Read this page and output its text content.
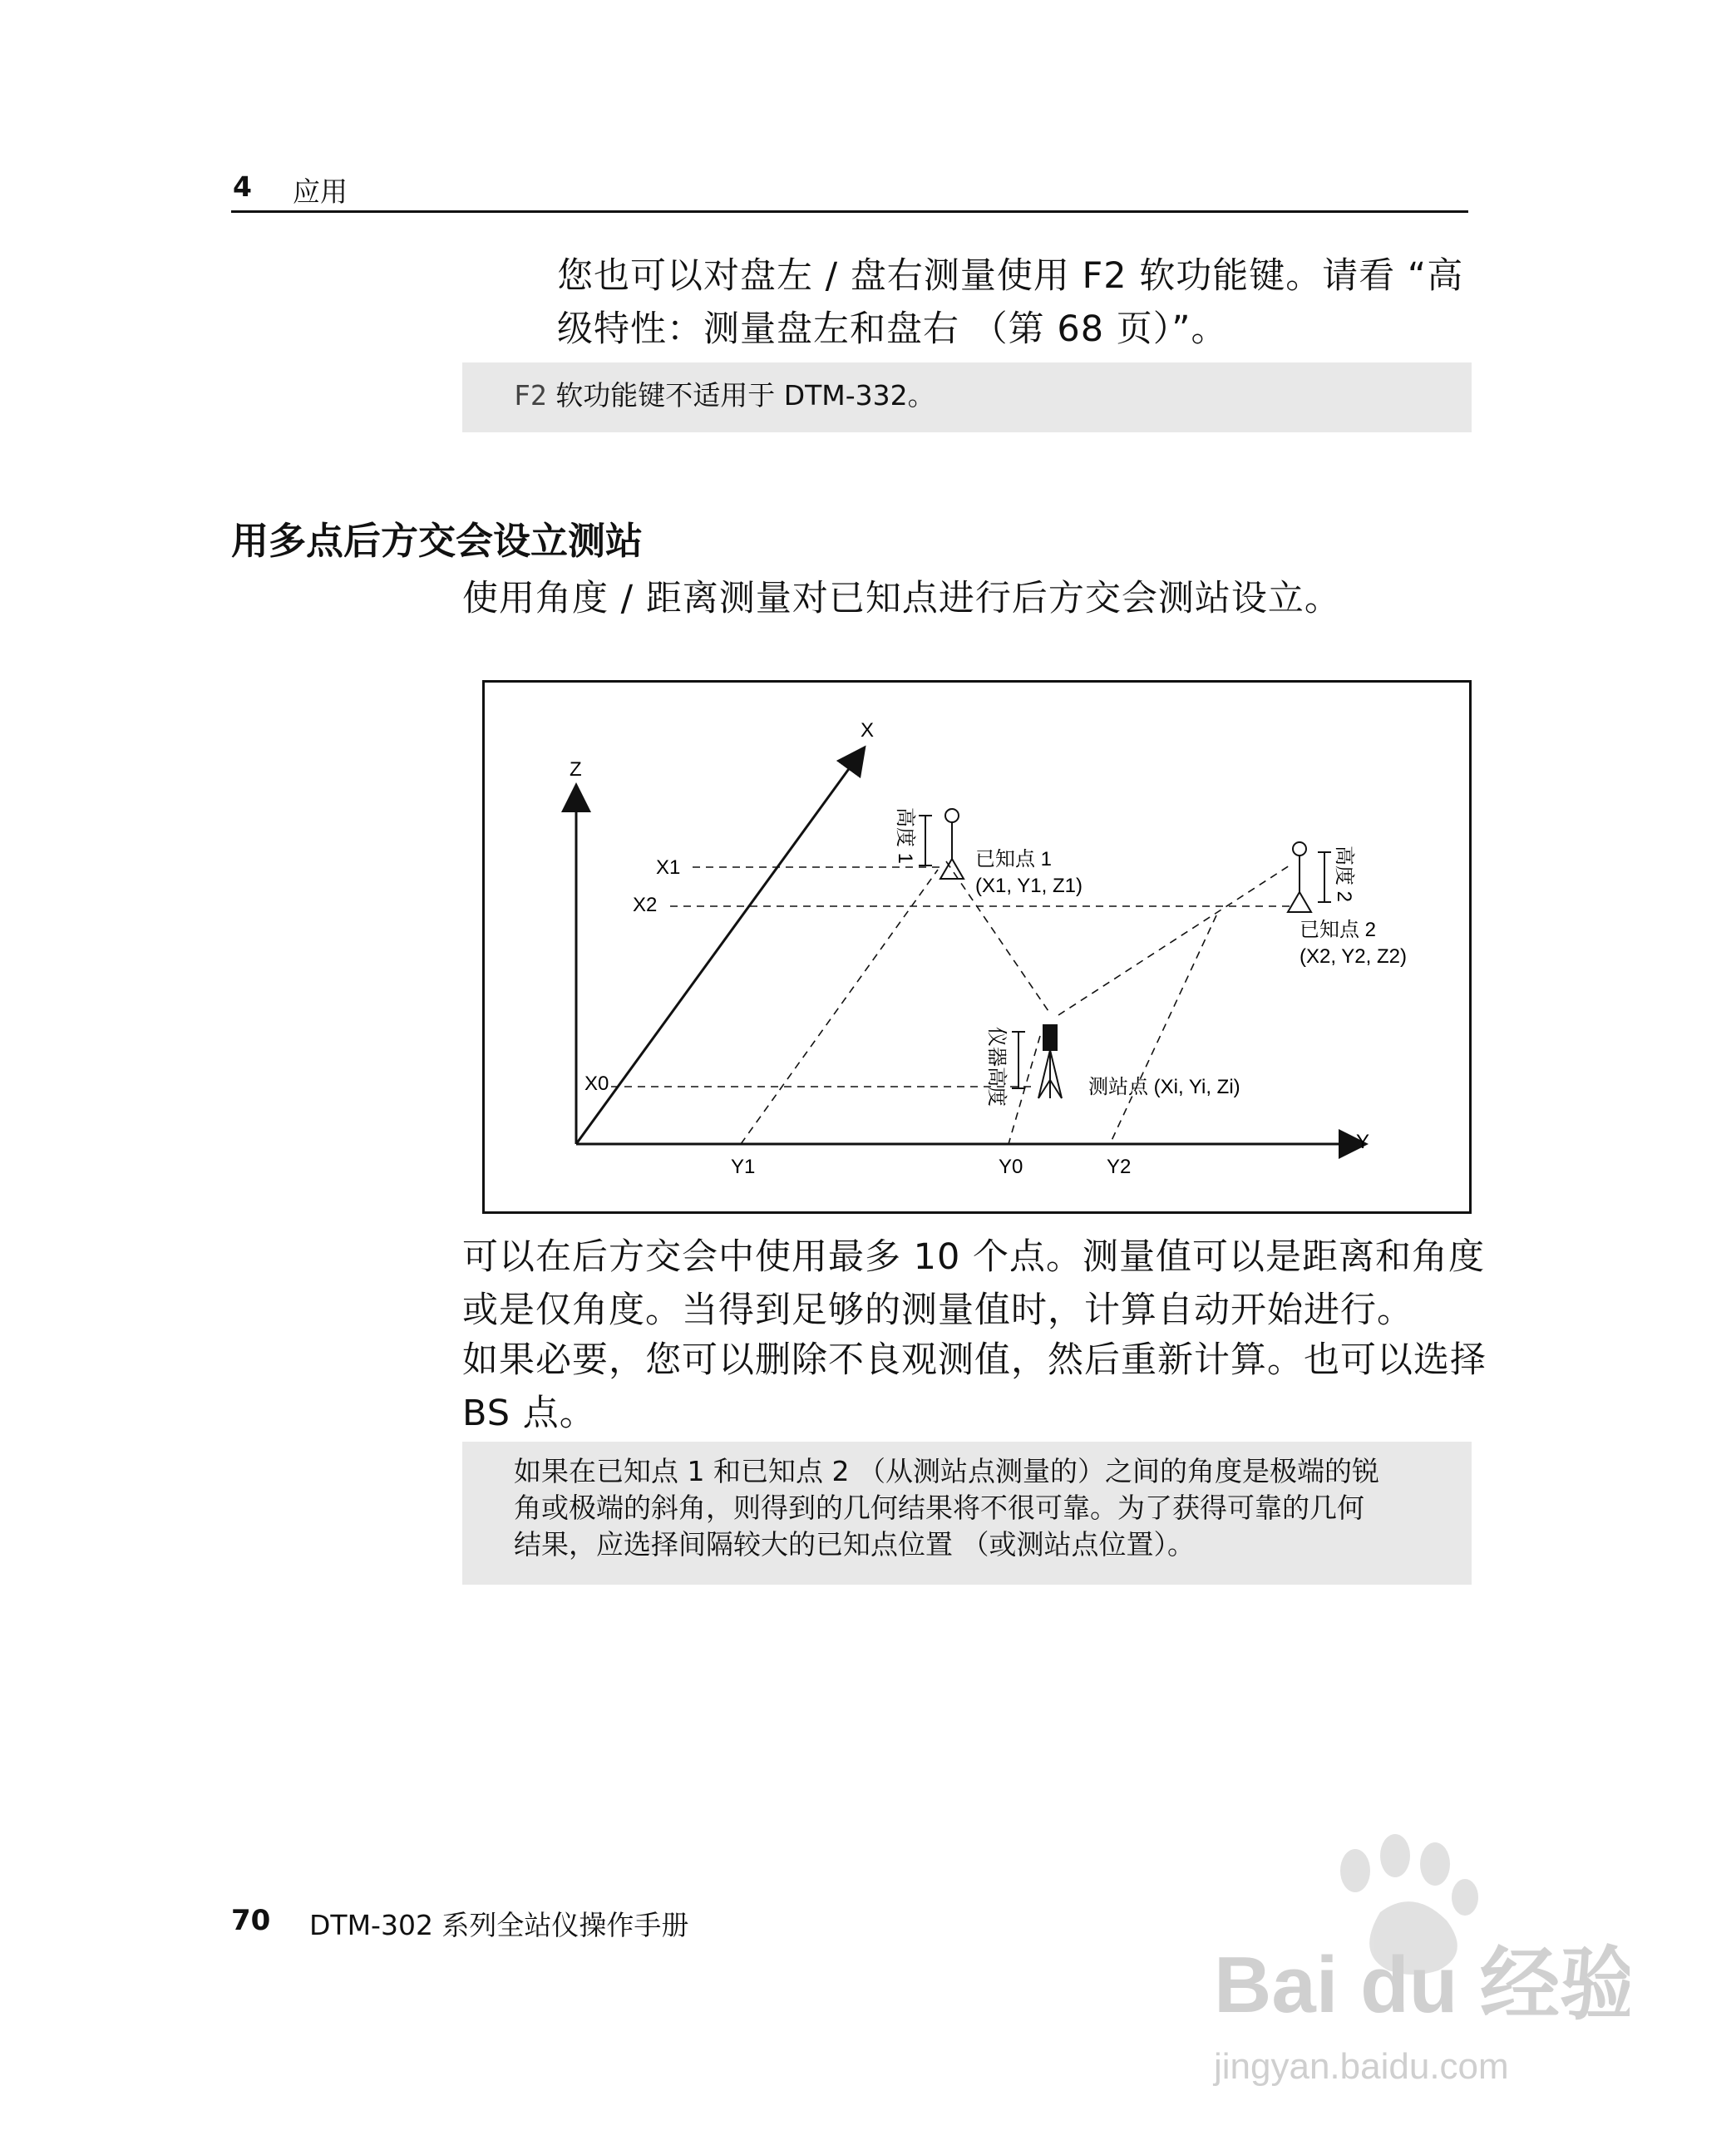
4 应用
您也可以对盘左 / 盘右测量使用 F2 软功能键。请看 “高
级特性：测量盘左和盘右 （第 68 页）”。
F2 软功能键不适用于 DTM-332。
用多点后方交会设立测站
使用角度 / 距离测量对已知点进行后方交会测站设立。
Z
X
Y
X1
X2
X0
Y1	Y0	Y2
高度 1
高度 2
仪器高度
已知点 1
(X1, Y1, Z1)
已知点 2
(X2, Y2, Z2)
测站点 (Xi, Yi, Zi)
可以在后方交会中使用最多 10 个点。测量值可以是距离和角度
或是仅角度。当得到足够的测量值时，计算自动开始进行。
如果必要，您可以删除不良观测值，然后重新计算。也可以选择
BS 点。
如果在已知点 1 和已知点 2 （从测站点测量的）之间的角度是极端的锐
角或极端的斜角，则得到的几何结果将不很可靠。为了获得可靠的几何
结果，应选择间隔较大的已知点位置 （或测站点位置）。
70 DTM-302 系列全站仪操作手册
Bai du 经验
jingyan.baidu.com
